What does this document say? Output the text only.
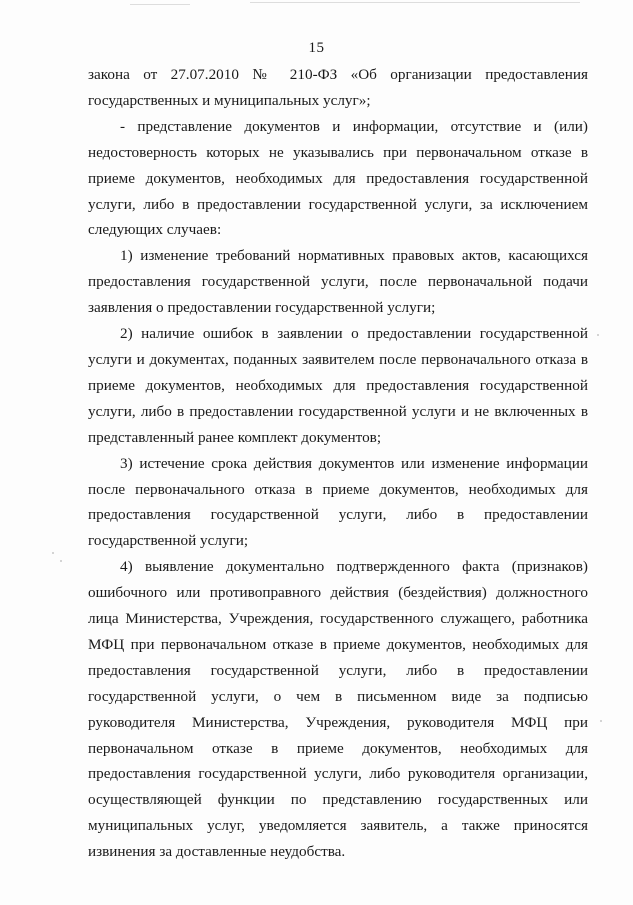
15

закона от 27.07.2010 № 210-ФЗ «Об организации предоставления государственных и муниципальных услуг»;

- представление документов и информации, отсутствие и (или) недостоверность которых не указывались при первоначальном отказе в приеме документов, необходимых для предоставления государственной услуги, либо в предоставлении государственной услуги, за исключением следующих случаев:

1) изменение требований нормативных правовых актов, касающихся предоставления государственной услуги, после первоначальной подачи заявления о предоставлении государственной услуги;

2) наличие ошибок в заявлении о предоставлении государственной услуги и документах, поданных заявителем после первоначального отказа в приеме документов, необходимых для предоставления государственной услуги, либо в предоставлении государственной услуги и не включенных в представленный ранее комплект документов;

3) истечение срока действия документов или изменение информации после первоначального отказа в приеме документов, необходимых для предоставления государственной услуги, либо в предоставлении государственной услуги;

4) выявление документально подтвержденного факта (признаков) ошибочного или противоправного действия (бездействия) должностного лица Министерства, Учреждения, государственного служащего, работника МФЦ при первоначальном отказе в приеме документов, необходимых для предоставления государственной услуги, либо в предоставлении государственной услуги, о чем в письменном виде за подписью руководителя Министерства, Учреждения, руководителя МФЦ при первоначальном отказе в приеме документов, необходимых для предоставления государственной услуги, либо руководителя организации, осуществляющей функции по представлению государственных или муниципальных услуг, уведомляется заявитель, а также приносятся извинения за доставленные неудобства.
